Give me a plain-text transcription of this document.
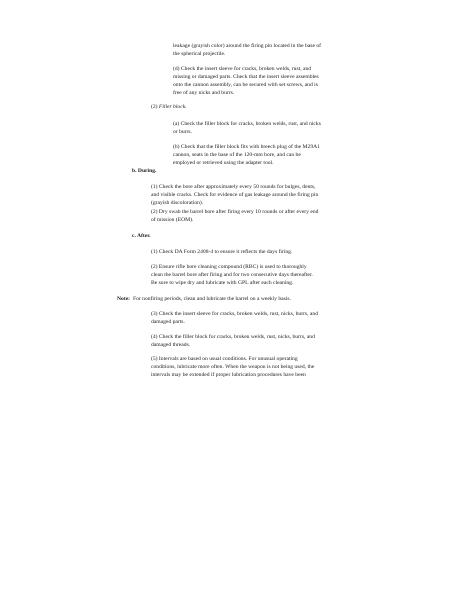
leakage (grayish color) around the firing pin located in the base of
the spherical projectile.
(d) Check the insert sleeve for cracks, broken welds, rust, and
missing or damaged parts. Check that the insert sleeve assembles
onto the cannon assembly, can be secured with set screws, and is
free of any nicks and burrs.
(2) Filler block.
(a) Check the filler block for cracks, broken welds, rust, and nicks
or burrs.
(b) Check that the filler block fits with breech plug of the M29A1
cannon, seats in the base of the 120-mm bore, and can be
employed or retrieved using the adapter tool.
b. During.
(1) Check the bore after approximately every 50 rounds for bulges, dents,
and visible cracks. Check for evidence of gas leakage around the firing pin
(grayish discoloration).
(2) Dry swab the barrel bore after firing every 10 rounds or after every end
of mission (EOM).
c. After.
(1) Check DA Form 2408-4 to ensure it reflects the days firing.
(2) Ensure rifle bore cleaning compound (RBC) is used to thoroughly
clean the barrel bore after firing and for two consecutive days thereafter.
Be sure to wipe dry and lubricate with GPL after each cleaning.
Note: For nonfiring periods, clean and lubricate the barrel on a weekly basis.
(3) Check the insert sleeve for cracks, broken welds, rust, nicks, burrs, and
damaged parts.
(4) Check the filler block for cracks, broken welds, rust, nicks, burrs, and
damaged threads.
(5) Intervals are based on usual conditions. For unusual operating
conditions, lubricate more often. When the weapon is not being used, the
intervals may be extended if proper lubrication procedures have been
